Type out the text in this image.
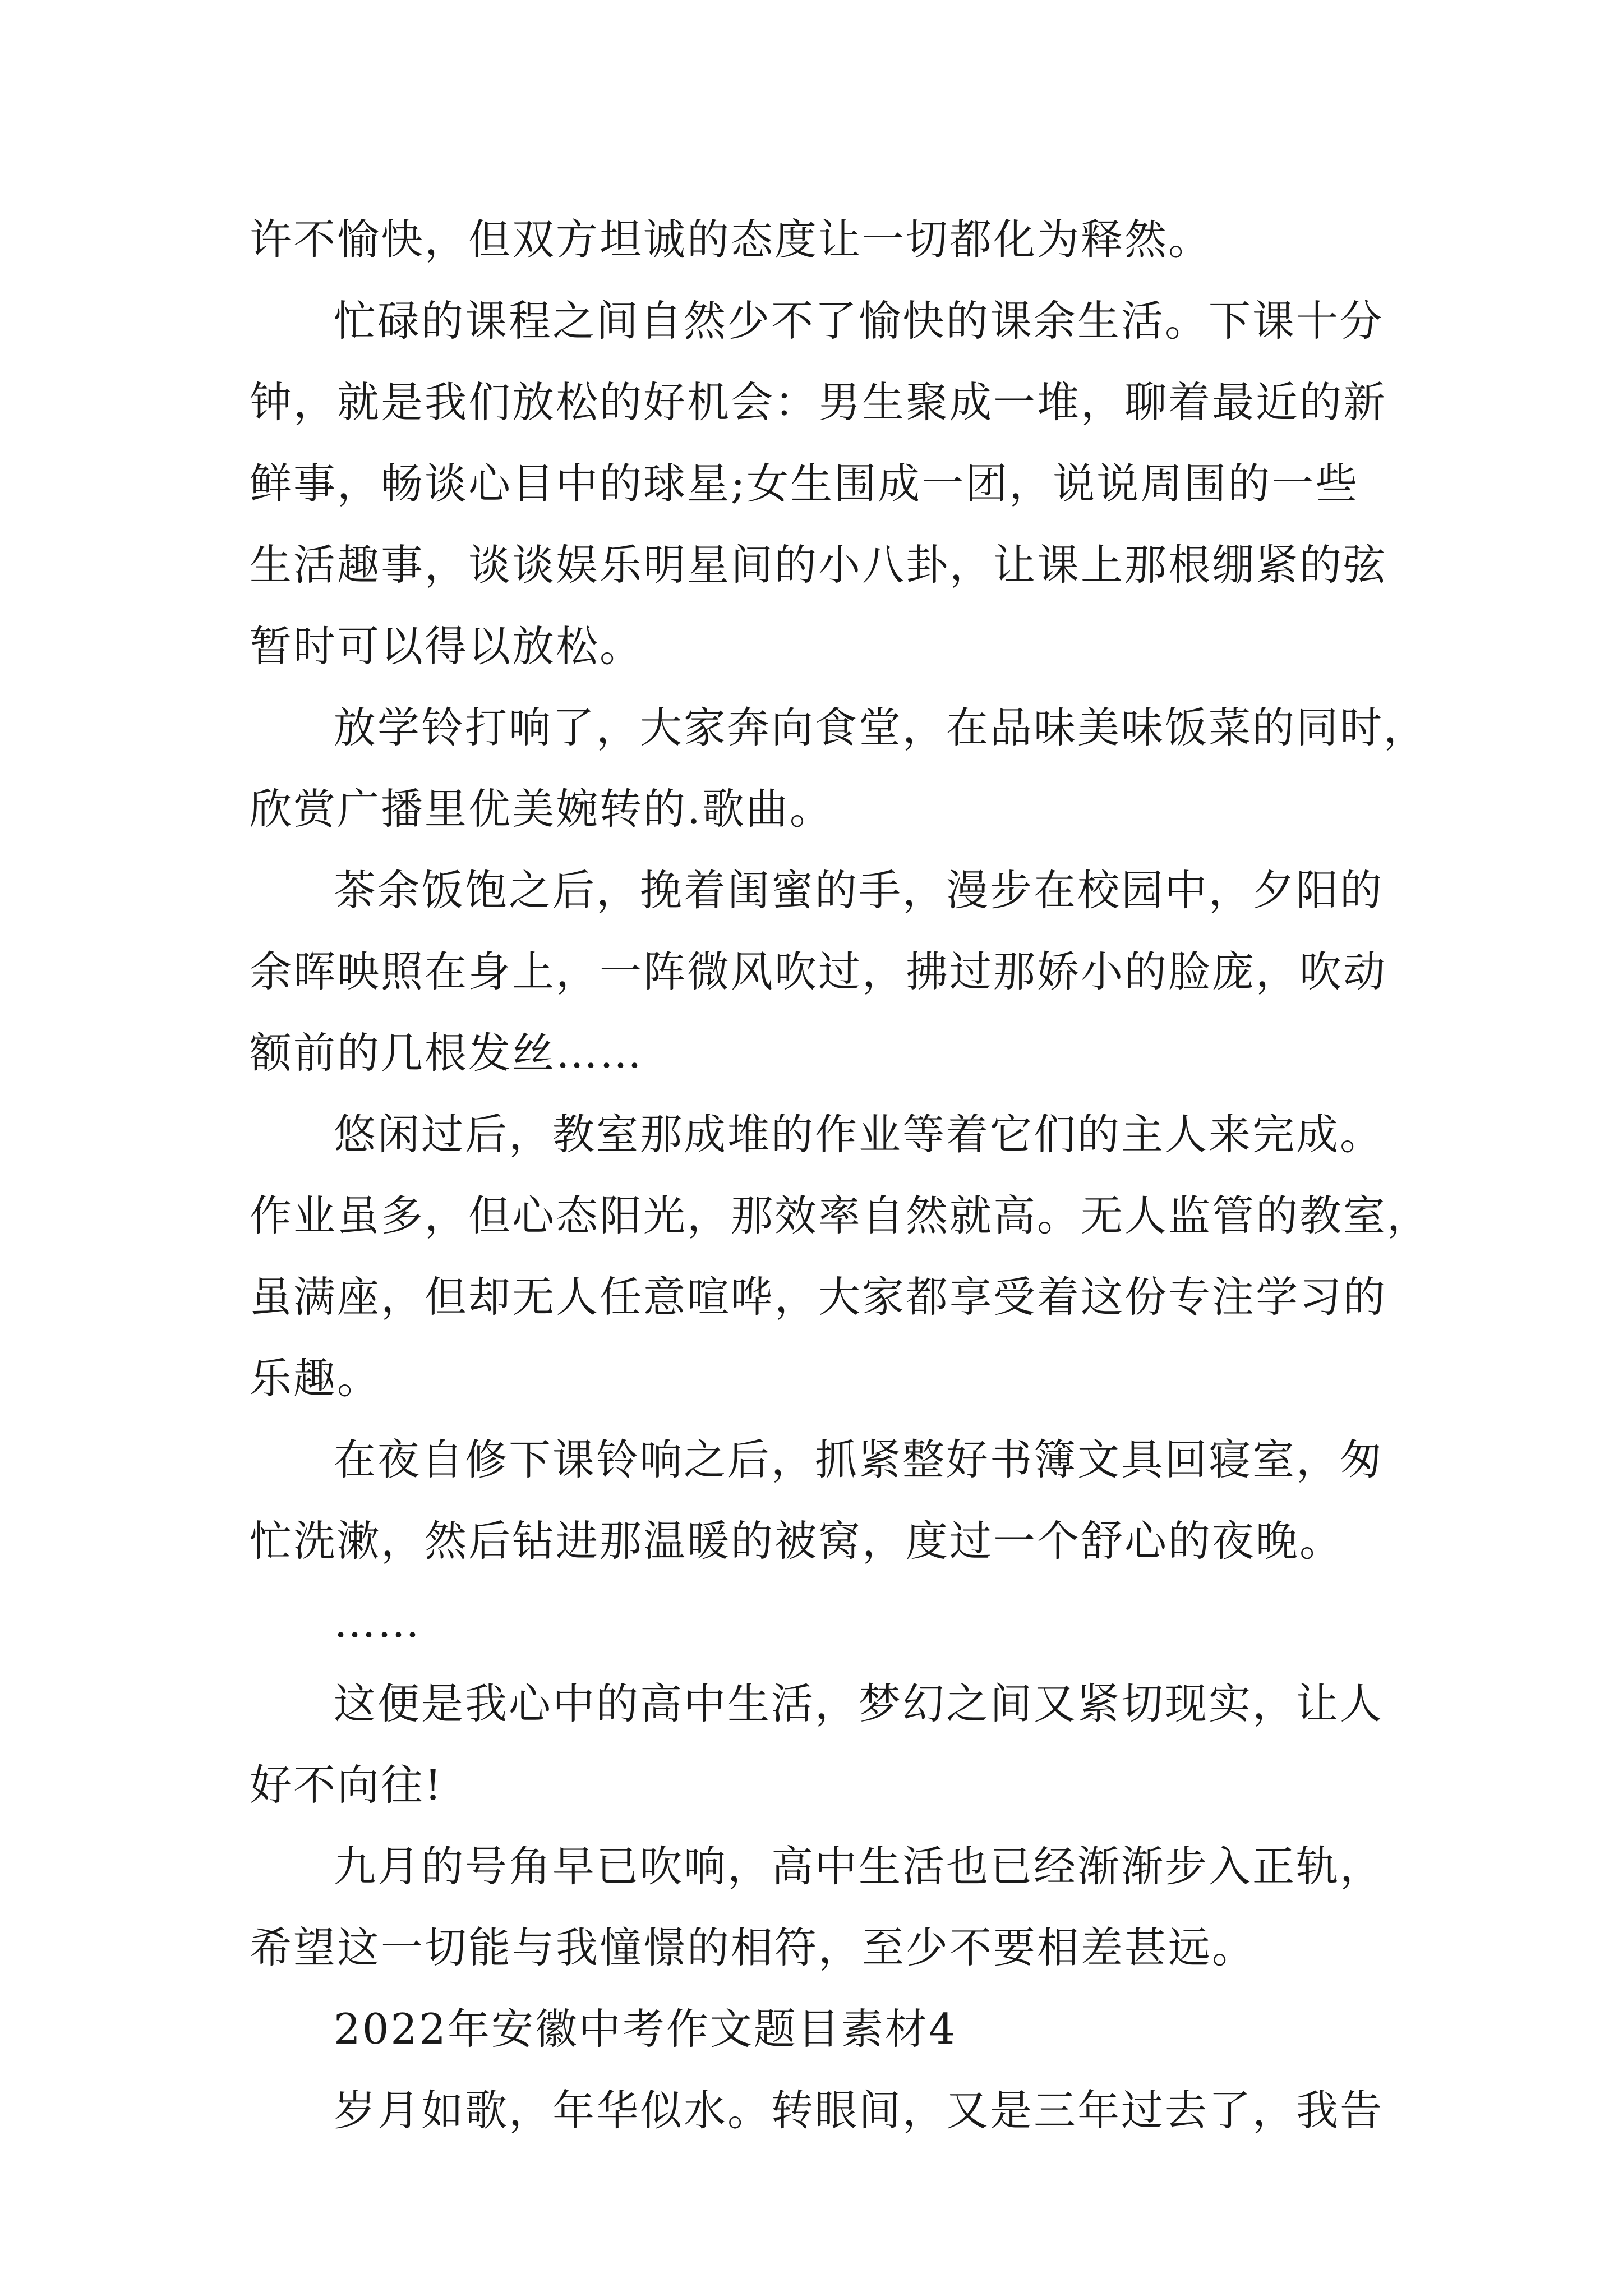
许不愉快，但双方坦诚的态度让一切都化为释然。

忙碌的课程之间自然少不了愉快的课余生活。下课十分
钟，就是我们放松的好机会：男生聚成一堆，聊着最近的新
鲜事，畅谈心目中的球星;女生围成一团，说说周围的一些
生活趣事，谈谈娱乐明星间的小八卦，让课上那根绷紧的弦
暂时可以得以放松。

放学铃打响了，大家奔向食堂，在品味美味饭菜的同时，
欣赏广播里优美婉转的.歌曲。

茶余饭饱之后，挽着闺蜜的手，漫步在校园中，夕阳的
余晖映照在身上，一阵微风吹过，拂过那娇小的脸庞，吹动
额前的几根发丝……

悠闲过后，教室那成堆的作业等着它们的主人来完成。
作业虽多，但心态阳光，那效率自然就高。无人监管的教室，
虽满座，但却无人任意喧哗，大家都享受着这份专注学习的
乐趣。

在夜自修下课铃响之后，抓紧整好书簿文具回寝室，匆
忙洗漱，然后钻进那温暖的被窝，度过一个舒心的夜晚。

……

这便是我心中的高中生活，梦幻之间又紧切现实，让人
好不向往!

九月的号角早已吹响，高中生活也已经渐渐步入正轨，
希望这一切能与我憧憬的相符，至少不要相差甚远。

2022年安徽中考作文题目素材4

岁月如歌，年华似水。转眼间，又是三年过去了，我告
